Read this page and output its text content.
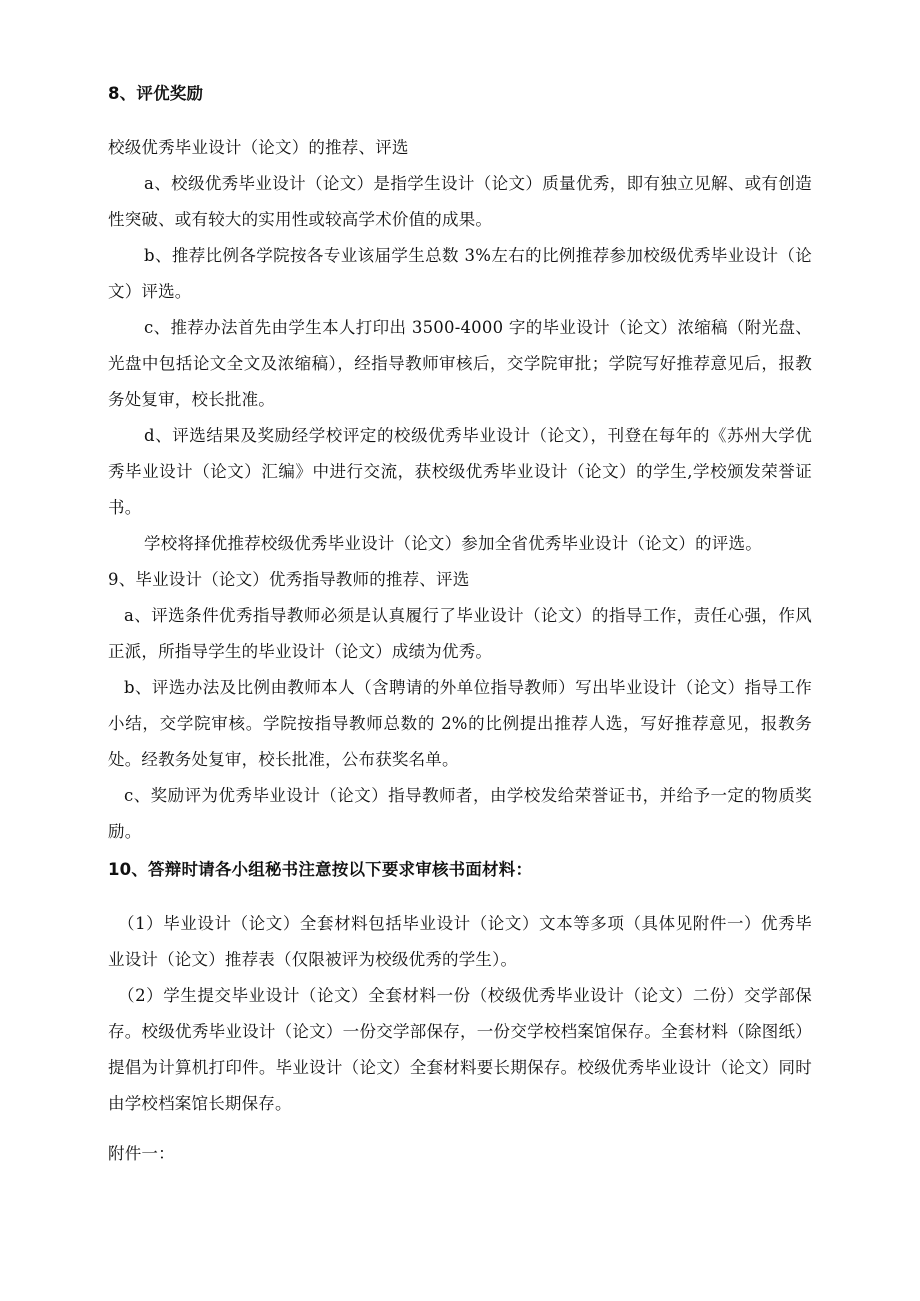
8、评优奖励

校级优秀毕业设计（论文）的推荐、评选

a、校级优秀毕业设计（论文）是指学生设计（论文）质量优秀，即有独立见解、或有创造性突破、或有较大的实用性或较高学术价值的成果。

b、推荐比例各学院按各专业该届学生总数 3%左右的比例推荐参加校级优秀毕业设计（论文）评选。

c、推荐办法首先由学生本人打印出 3500-4000 字的毕业设计（论文）浓缩稿（附光盘、光盘中包括论文全文及浓缩稿），经指导教师审核后，交学院审批；学院写好推荐意见后，报教务处复审，校长批准。

d、评选结果及奖励经学校评定的校级优秀毕业设计（论文），刊登在每年的《苏州大学优秀毕业设计（论文）汇编》中进行交流，获校级优秀毕业设计（论文）的学生,学校颁发荣誉证书。

学校将择优推荐校级优秀毕业设计（论文）参加全省优秀毕业设计（论文）的评选。

9、毕业设计（论文）优秀指导教师的推荐、评选

a、评选条件优秀指导教师必须是认真履行了毕业设计（论文）的指导工作，责任心强，作风正派，所指导学生的毕业设计（论文）成绩为优秀。

b、评选办法及比例由教师本人（含聘请的外单位指导教师）写出毕业设计（论文）指导工作小结，交学院审核。学院按指导教师总数的 2%的比例提出推荐人选，写好推荐意见，报教务处。经教务处复审，校长批准，公布获奖名单。

c、奖励评为优秀毕业设计（论文）指导教师者，由学校发给荣誉证书，并给予一定的物质奖励。

10、答辩时请各小组秘书注意按以下要求审核书面材料：

（1）毕业设计（论文）全套材料包括毕业设计（论文）文本等多项（具体见附件一）优秀毕业设计（论文）推荐表（仅限被评为校级优秀的学生）。

（2）学生提交毕业设计（论文）全套材料一份（校级优秀毕业设计（论文）二份）交学部保存。校级优秀毕业设计（论文）一份交学部保存，一份交学校档案馆保存。全套材料（除图纸）提倡为计算机打印件。毕业设计（论文）全套材料要长期保存。校级优秀毕业设计（论文）同时由学校档案馆长期保存。

附件一：
